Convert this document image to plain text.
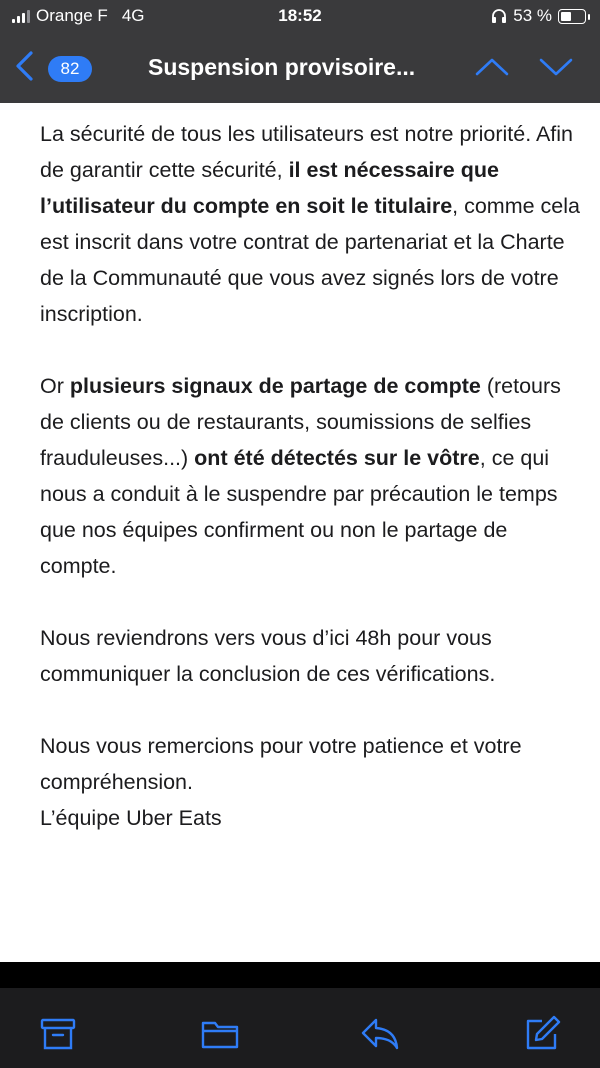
Orange F 4G	18:52	53 %
82	Suspension provisoire...

La sécurité de tous les utilisateurs est notre priorité. Afin de garantir cette sécurité, il est nécessaire que l’utilisateur du compte en soit le titulaire, comme cela est inscrit dans votre contrat de partenariat et la Charte de la Communauté que vous avez signés lors de votre inscription.

Or plusieurs signaux de partage de compte (retours de clients ou de restaurants, soumissions de selfies frauduleuses...) ont été détectés sur le vôtre, ce qui nous a conduit à le suspendre par précaution le temps que nos équipes confirment ou non le partage de compte.

Nous reviendrons vers vous d’ici 48h pour vous communiquer la conclusion de ces vérifications.

Nous vous remercions pour votre patience et votre compréhension.
L’équipe Uber Eats
